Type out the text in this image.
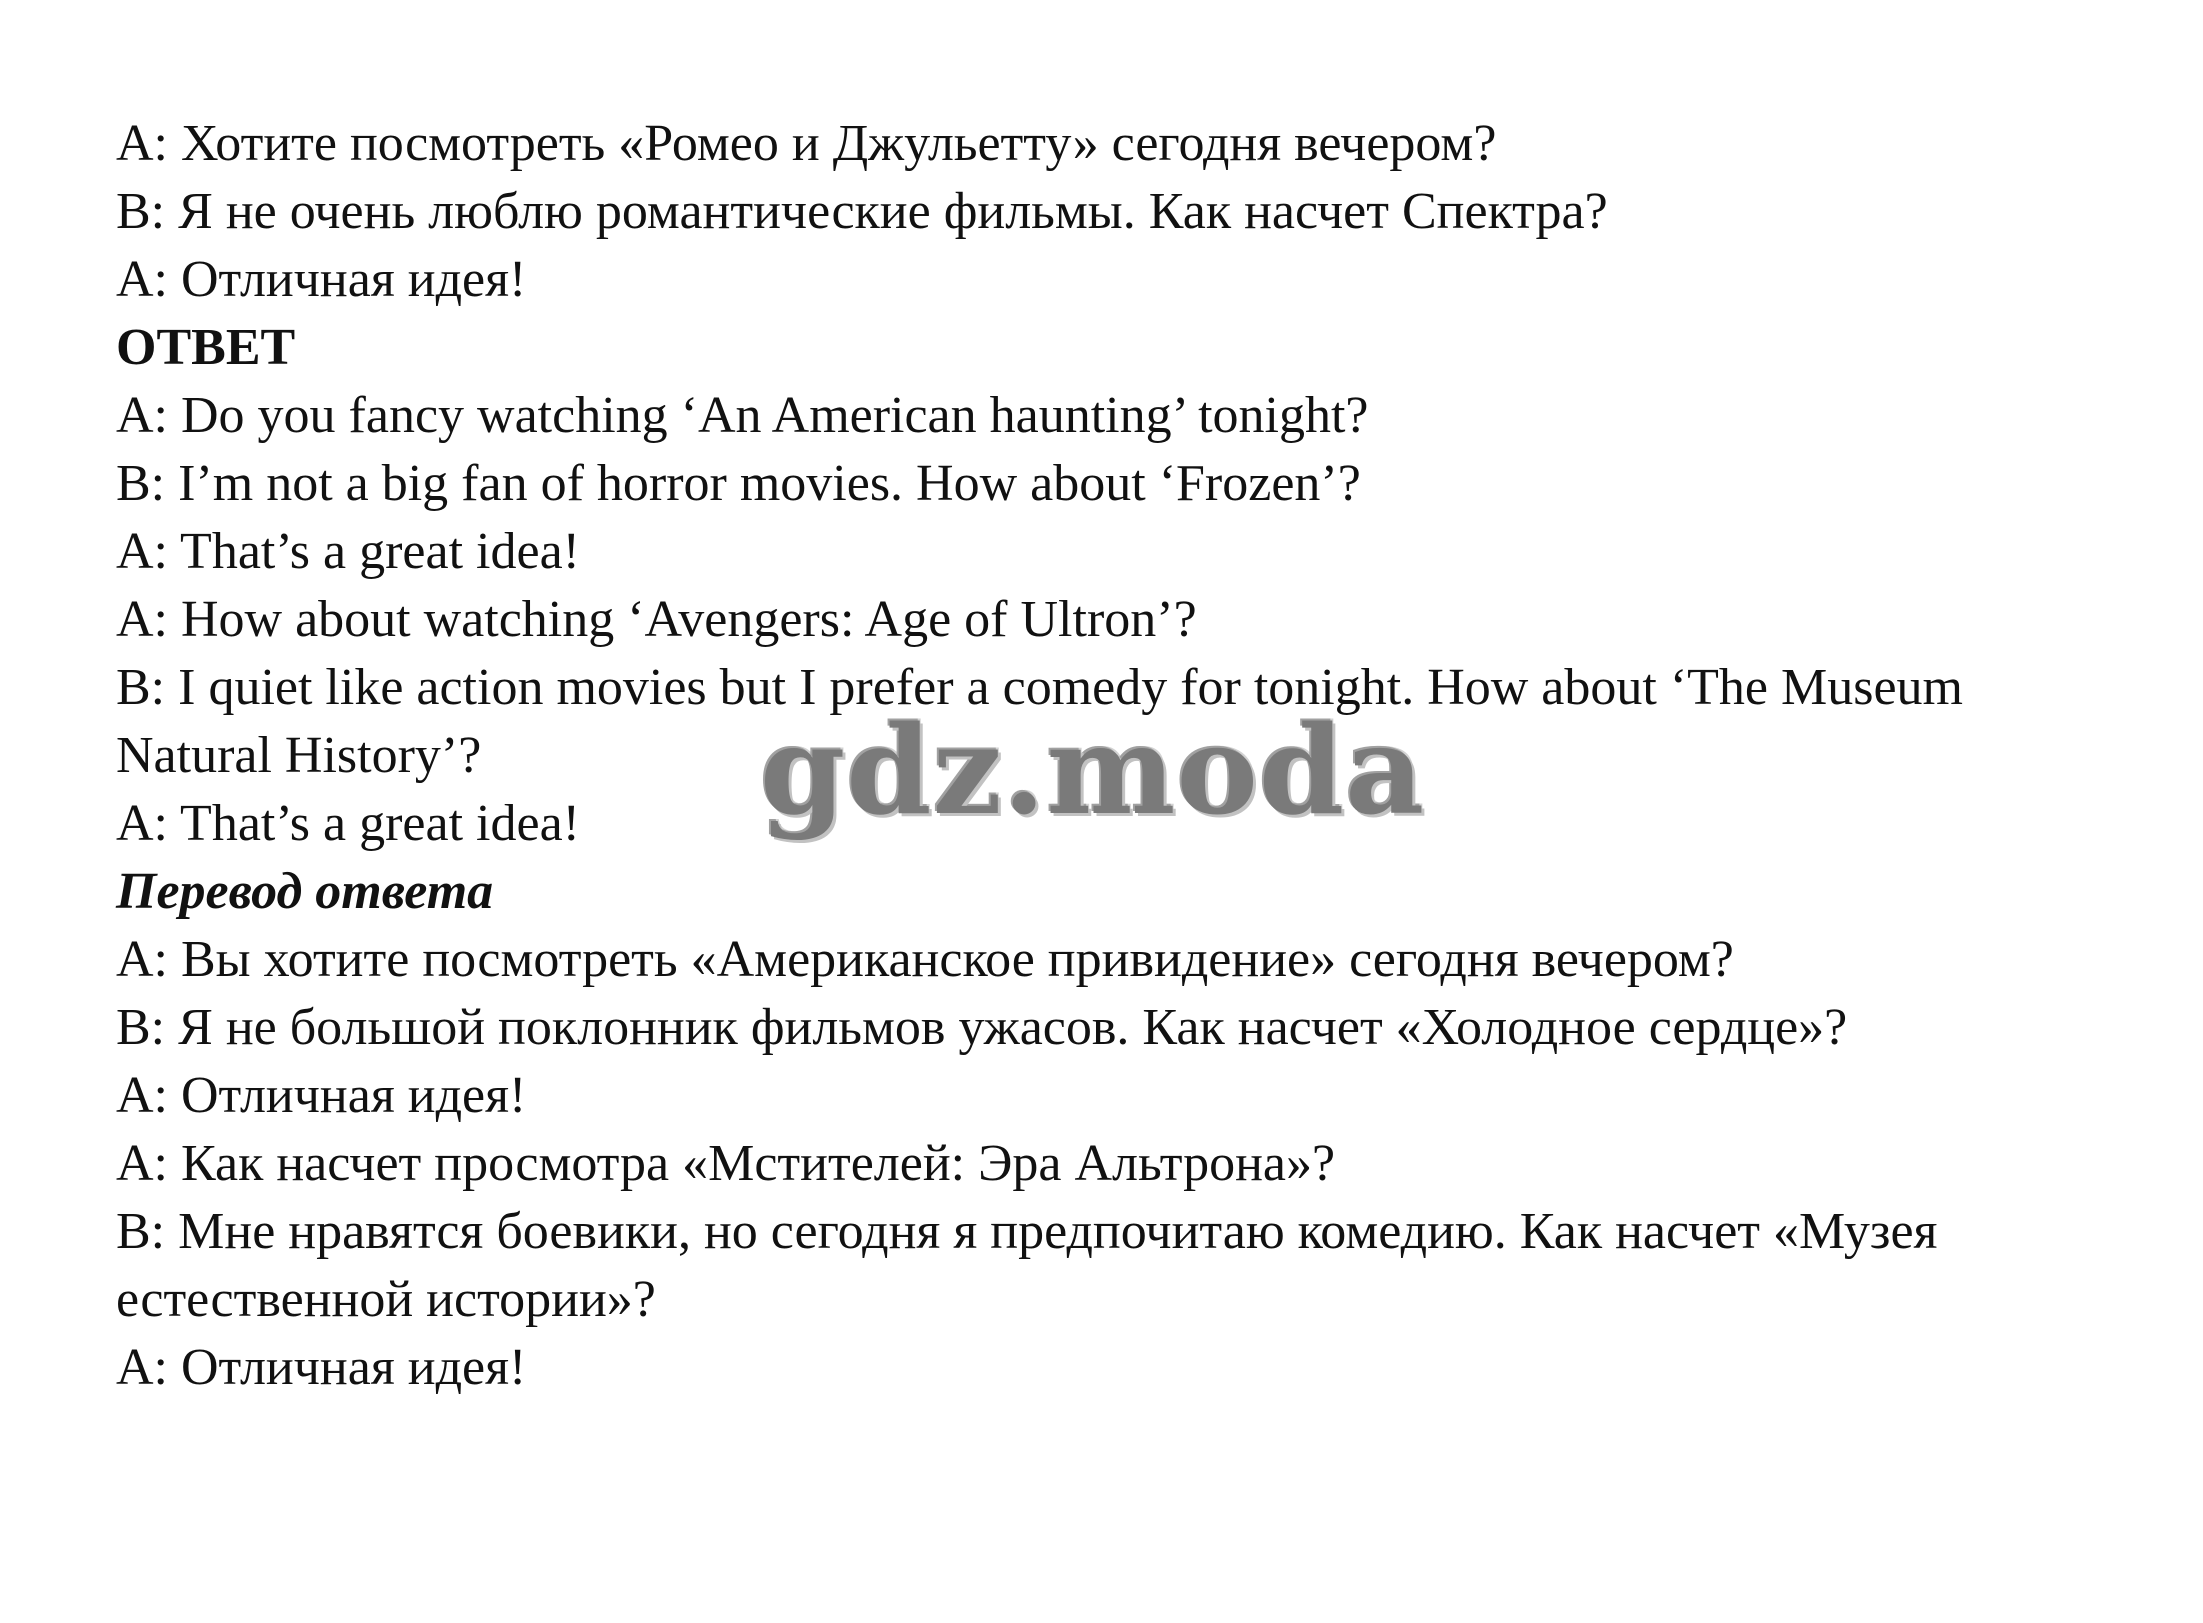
A: Хотите посмотреть «Ромео и Джульетту» сегодня вечером?
B: Я не очень люблю романтические фильмы. Как насчет Спектра?
A: Отличная идея!
ОТВЕТ
A: Do you fancy watching ‘An American haunting’ tonight?
B: I’m not a big fan of horror movies. How about ‘Frozen’?
A: That’s a great idea!
A: How about watching ‘Avengers: Age of Ultron’?
B: I quiet like action movies but I prefer a comedy for tonight. How about ‘The Museum Natural History’?
A: That’s a great idea!
Перевод ответа
A: Вы хотите посмотреть «Американское привидение» сегодня вечером?
B: Я не большой поклонник фильмов ужасов. Как насчет «Холодное сердце»?
A: Отличная идея!
A: Как насчет просмотра «Мстителей: Эра Альтрона»?
B: Мне нравятся боевики, но сегодня я предпочитаю комедию. Как насчет «Музея естественной истории»?
A: Отличная идея!
gdz.moda
